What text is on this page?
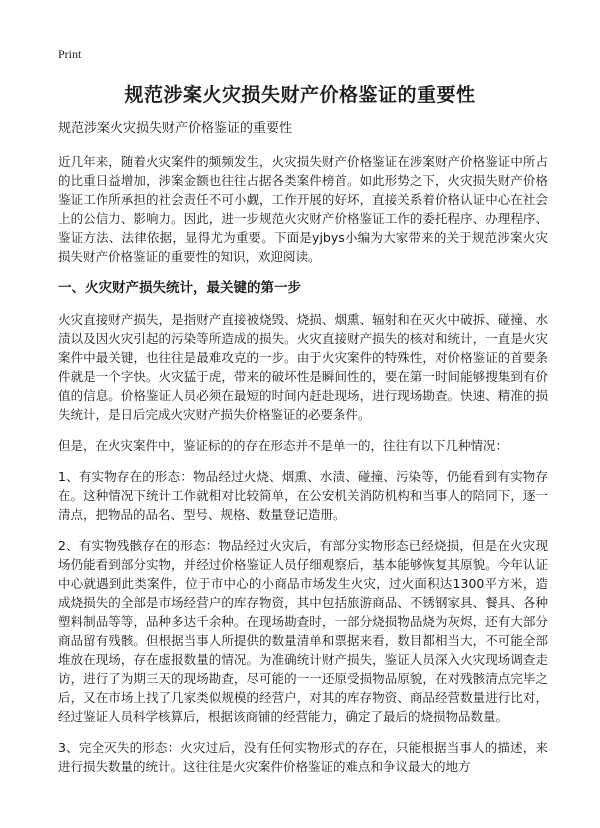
Print
规范涉案火灾损失财产价格鉴证的重要性

规范涉案火灾损失财产价格鉴证的重要性

近几年来，随着火灾案件的频频发生，火灾损失财产价格鉴证在涉案财产价格鉴证中所占的比重日益增加，涉案金额也往往占据各类案件榜首。如此形势之下，火灾损失财产价格鉴证工作所承担的社会责任不可小觑，工作开展的好坏，直接关系着价格认证中心在社会上的公信力、影响力。因此，进一步规范火灾财产价格鉴证工作的委托程序、办理程序、鉴证方法、法律依据，显得尤为重要。下面是yjbys小编为大家带来的关于规范涉案火灾损失财产价格鉴证的重要性的知识，欢迎阅读。

一、火灾财产损失统计，最关键的第一步

火灾直接财产损失，是指财产直接被烧毁、烧损、烟熏、辐射和在灭火中破拆、碰撞、水渍以及因火灾引起的污染等所造成的损失。火灾直接财产损失的核对和统计，一直是火灾案件中最关键，也往往是最难攻克的一步。由于火灾案件的特殊性，对价格鉴证的首要条件就是一个字快。火灾猛于虎，带来的破坏性是瞬间性的，要在第一时间能够搜集到有价值的信息。价格鉴证人员必须在最短的时间内赶赴现场，进行现场勘查。快速、精准的损失统计，是日后完成火灾财产损失价格鉴证的必要条件。

但是，在火灾案件中，鉴证标的的存在形态并不是单一的，往往有以下几种情况：

1、有实物存在的形态：物品经过火烧、烟熏、水渍、碰撞、污染等，仍能看到有实物存在。这种情况下统计工作就相对比较简单，在公安机关消防机构和当事人的陪同下，逐一清点，把物品的品名、型号、规格、数量登记造册。

2、有实物残骸存在的形态：物品经过火灾后，有部分实物形态已经烧损，但是在火灾现场仍能看到部分实物，并经过价格鉴证人员仔细观察后，基本能够恢复其原貌。今年认证中心就遇到此类案件，位于市中心的小商品市场发生火灾，过火面积达1300平方米，造成烧损失的全部是市场经营户的库存物资，其中包括旅游商品、不锈钢家具、餐具、各种塑料制品等等，品种多达千余种。在现场勘查时，一部分烧损物品烧为灰烬，还有大部分商品留有残骸。但根据当事人所提供的数量清单和票据来看，数目都相当大，不可能全部堆放在现场，存在虚报数量的情况。为准确统计财产损失，鉴证人员深入火灾现场调查走访，进行了为期三天的现场勘查，尽可能的一一还原受损物品原貌，在对残骸清点完毕之后，又在市场上找了几家类似规模的经营户，对其的库存物资、商品经营数量进行比对，经过鉴证人员科学核算后，根据该商铺的经营能力，确定了最后的烧损物品数量。

3、完全灭失的形态：火灾过后，没有任何实物形式的存在，只能根据当事人的描述，来进行损失数量的统计。这往往是火灾案件价格鉴证的难点和争议最大的地方
